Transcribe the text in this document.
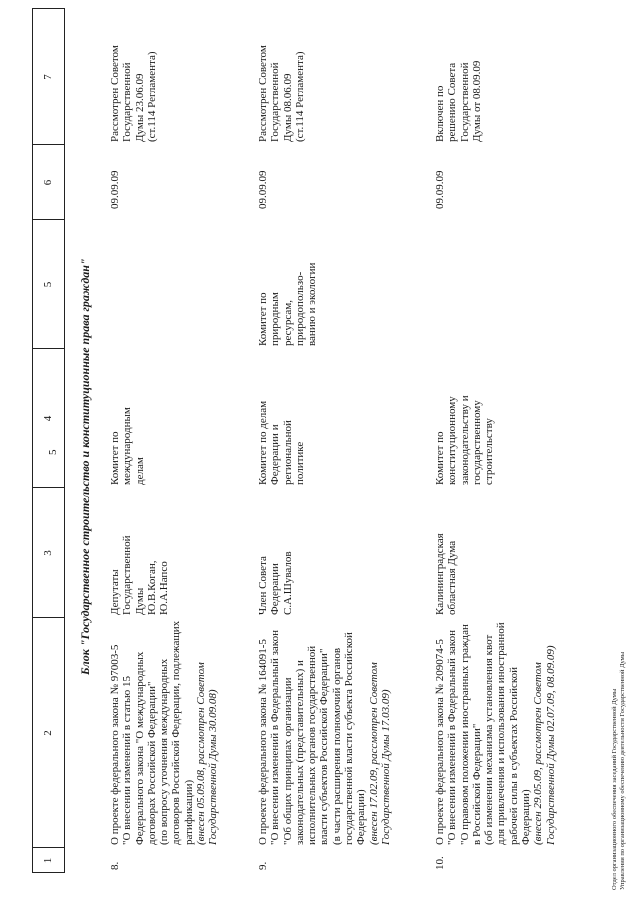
5
1
2
3
4
5
6
7
Блок "Государственное строительство и конституционные права граждан"
8.
О проекте федерального закона № 97003-5
"О внесении изменений в статью 15
Федерального закона "О международных
договорах Российской Федерации"
(по вопросу уточнения международных
договоров Российской Федерации, подлежащих
ратификации) (внесен 05.09.08, рассмотрен Советом
Государственной Думы 30.09.08)
Депутаты
Государственной
Думы
Ю.В.Коган,
Ю.А.Напсо
Комитет по
международным
делам
09.09.09
Рассмотрен Советом
Государственной
Думы 23.06.09
(ст.114 Регламента)
9.
О проекте федерального закона № 164091-5
"О внесении изменений в Федеральный закон
"Об общих принципах организации
законодательных (представительных) и
исполнительных органов государственной
власти субъектов Российской Федерации"
(в части расширения полномочий органов
государственной власти субъекта Российской
Федерации) (внесен 17.02.09, рассмотрен Советом
Государственной Думы 17.03.09)
Член Совета
Федерации
С.А.Шувалов
Комитет по делам
Федерации и
региональной
политике
Комитет по
природным
ресурсам,
природопользо-
ванию и экологии
09.09.09
Рассмотрен Советом
Государственной
Думы 08.06.09
(ст.114 Регламента)
10.
О проекте федерального закона № 209074-5
"О внесении изменений в Федеральный закон
"О правовом положении иностранных граждан
в Российской Федерации"
(об изменении механизма установления квот
для привлечения и использования иностранной
рабочей силы в субъектах Российской
Федерации) (внесен 29.05.09, рассмотрен Советом
Государственной Думы 02.07.09, 08.09.09)
Калининградская
областная Дума
Комитет по
конституционному
законодательству и
государственному
строительству
09.09.09
Включен по
решению Совета
Государственной
Думы от 08.09.09
Отдел организационного обеспечения заседаний Государственной Думы Управления по организационному обеспечению деятельности Государственной Думы
